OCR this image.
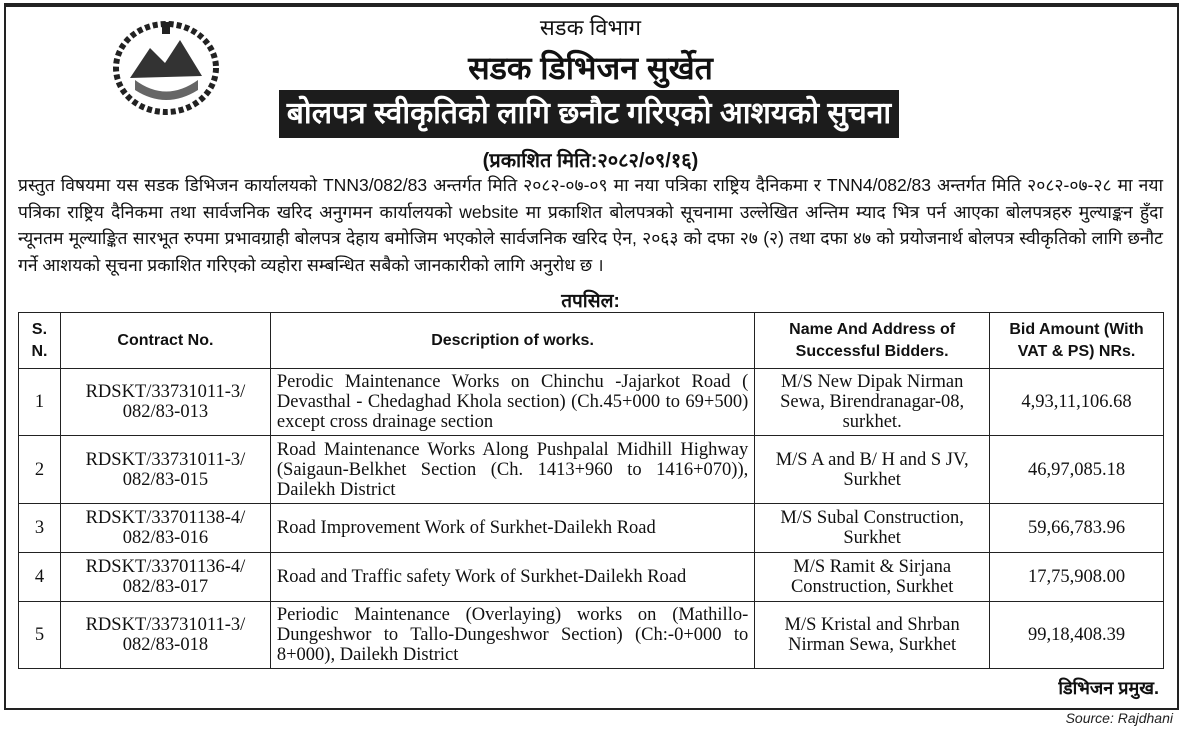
सडक विभाग
सडक डिभिजन सुर्खेत
बोलपत्र स्वीकृतिको लागि छनौट गरिएको आशयको सुचना
(प्रकाशित मिति:२०८२/०९/१६)
प्रस्तुत विषयमा यस सडक डिभिजन कार्यालयको TNN3/082/83 अन्तर्गत मिति २०८२-०७-०९ मा नया पत्रिका राष्ट्रिय दैनिकमा र TNN4/082/83 अन्तर्गत मिति २०८२-०७-२८ मा नया पत्रिका राष्ट्रिय दैनिकमा तथा सार्वजनिक खरिद अनुगमन कार्यालयको website मा प्रकाशित बोलपत्रको सूचनामा उल्लेखित अन्तिम म्याद भित्र पर्न आएका बोलपत्रहरु मुल्याङ्कन हुँदा न्यूनतम मूल्याङ्कित सारभूत रुपमा प्रभावग्राही बोलपत्र देहाय बमोजिम भएकोले सार्वजनिक खरिद ऐन, २०६३ को दफा २७ (२) तथा दफा ४७ को प्रयोजनार्थ बोलपत्र स्वीकृतिको लागि छनौट गर्ने आशयको सूचना प्रकाशित गरिएको व्यहोरा सम्बन्धित सबैको जानकारीको लागि अनुरोध छ ।
तपसिल:
S. N.	Contract No.	Description of works.	Name And Address of Successful Bidders.	Bid Amount (With VAT & PS) NRs.
1	RDSKT/33731011-3/ 082/83-013	Perodic Maintenance Works on Chinchu -Jajarkot Road ( Devasthal - Chedaghad Khola section) (Ch.45+000 to 69+500) except cross drainage section	M/S New Dipak Nirman Sewa, Birendranagar-08, surkhet.	4,93,11,106.68
2	RDSKT/33731011-3/ 082/83-015	Road Maintenance Works Along Pushpalal Midhill Highway (Saigaun-Belkhet Section (Ch. 1413+960 to 1416+070)), Dailekh District	M/S A and B/ H and S JV, Surkhet	46,97,085.18
3	RDSKT/33701138-4/ 082/83-016	Road Improvement Work of Surkhet-Dailekh Road	M/S Subal Construction, Surkhet	59,66,783.96
4	RDSKT/33701136-4/ 082/83-017	Road and Traffic safety Work of Surkhet-Dailekh Road	M/S Ramit & Sirjana Construction, Surkhet	17,75,908.00
5	RDSKT/33731011-3/ 082/83-018	Periodic Maintenance (Overlaying) works on (Mathillo-Dungeshwor to Tallo-Dungeshwor Section) (Ch:-0+000 to 8+000), Dailekh District	M/S Kristal and Shrban Nirman Sewa, Surkhet	99,18,408.39
डिभिजन प्रमुख.
Source: Rajdhani
